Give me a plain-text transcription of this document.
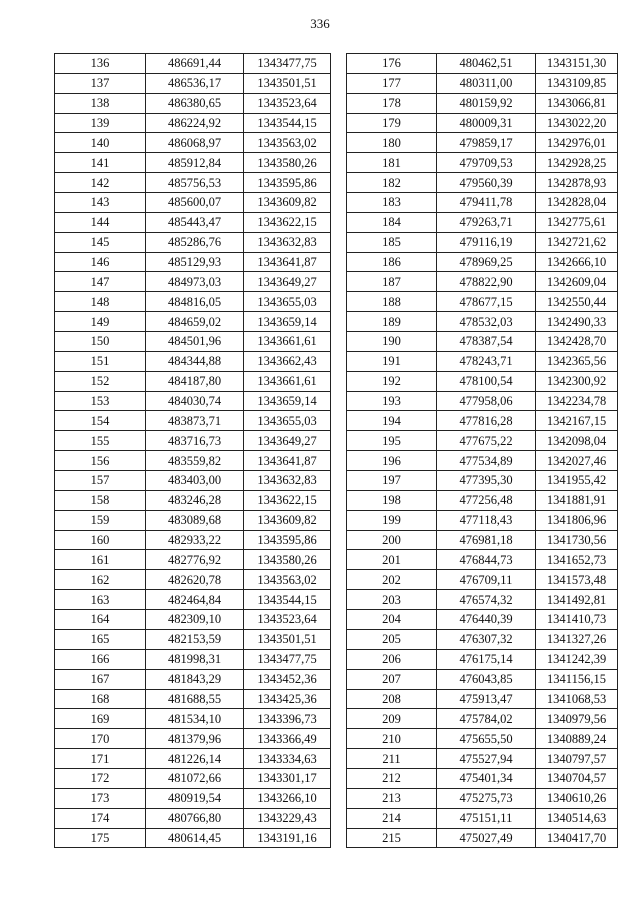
336
136	486691,44	1343477,75
137	486536,17	1343501,51
138	486380,65	1343523,64
139	486224,92	1343544,15
140	486068,97	1343563,02
141	485912,84	1343580,26
142	485756,53	1343595,86
143	485600,07	1343609,82
144	485443,47	1343622,15
145	485286,76	1343632,83
146	485129,93	1343641,87
147	484973,03	1343649,27
148	484816,05	1343655,03
149	484659,02	1343659,14
150	484501,96	1343661,61
151	484344,88	1343662,43
152	484187,80	1343661,61
153	484030,74	1343659,14
154	483873,71	1343655,03
155	483716,73	1343649,27
156	483559,82	1343641,87
157	483403,00	1343632,83
158	483246,28	1343622,15
159	483089,68	1343609,82
160	482933,22	1343595,86
161	482776,92	1343580,26
162	482620,78	1343563,02
163	482464,84	1343544,15
164	482309,10	1343523,64
165	482153,59	1343501,51
166	481998,31	1343477,75
167	481843,29	1343452,36
168	481688,55	1343425,36
169	481534,10	1343396,73
170	481379,96	1343366,49
171	481226,14	1343334,63
172	481072,66	1343301,17
173	480919,54	1343266,10
174	480766,80	1343229,43
175	480614,45	1343191,16
176	480462,51	1343151,30
177	480311,00	1343109,85
178	480159,92	1343066,81
179	480009,31	1343022,20
180	479859,17	1342976,01
181	479709,53	1342928,25
182	479560,39	1342878,93
183	479411,78	1342828,04
184	479263,71	1342775,61
185	479116,19	1342721,62
186	478969,25	1342666,10
187	478822,90	1342609,04
188	478677,15	1342550,44
189	478532,03	1342490,33
190	478387,54	1342428,70
191	478243,71	1342365,56
192	478100,54	1342300,92
193	477958,06	1342234,78
194	477816,28	1342167,15
195	477675,22	1342098,04
196	477534,89	1342027,46
197	477395,30	1341955,42
198	477256,48	1341881,91
199	477118,43	1341806,96
200	476981,18	1341730,56
201	476844,73	1341652,73
202	476709,11	1341573,48
203	476574,32	1341492,81
204	476440,39	1341410,73
205	476307,32	1341327,26
206	476175,14	1341242,39
207	476043,85	1341156,15
208	475913,47	1341068,53
209	475784,02	1340979,56
210	475655,50	1340889,24
211	475527,94	1340797,57
212	475401,34	1340704,57
213	475275,73	1340610,26
214	475151,11	1340514,63
215	475027,49	1340417,70
